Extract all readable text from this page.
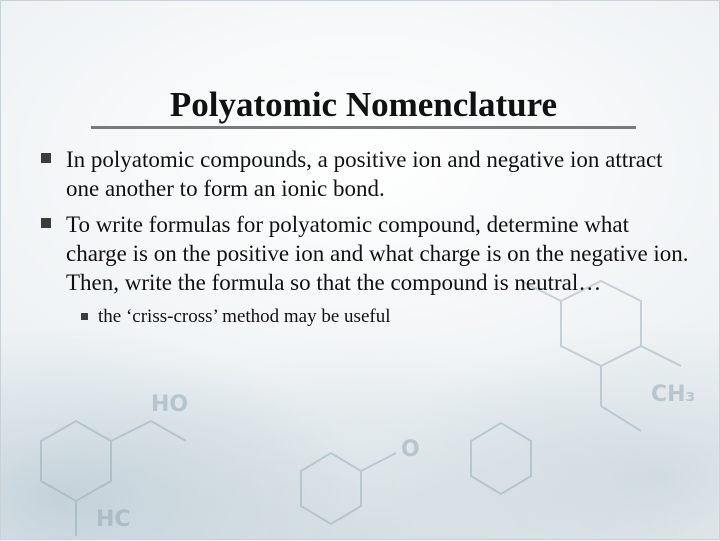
HO
HC
CH₃
O
Polyatomic Nomenclature
In polyatomic compounds, a positive ion and negative ion attract one another to form an ionic bond.
To write formulas for polyatomic compound, determine what charge is on the positive ion and what charge is on the negative ion. Then, write the formula so that the compound is neutral…
the ‘criss-cross’ method may be useful
